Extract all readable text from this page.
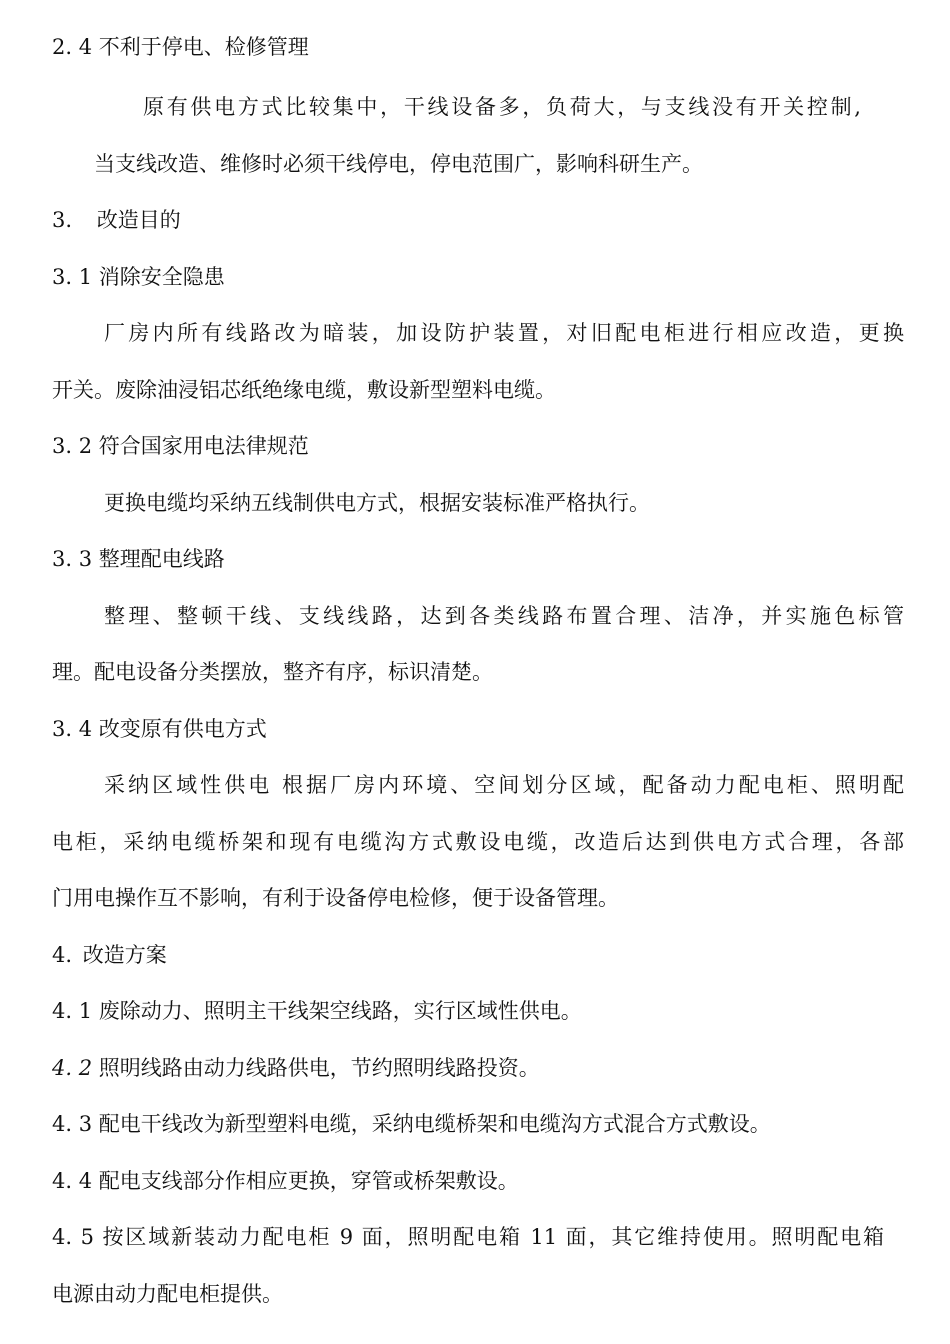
2. 4 不利于停电、检修管理
原有供电方式比较集中，干线设备多，负荷大，与支线没有开关控制,
当支线改造、维修时必须干线停电，停电范围广，影响科研生产。
3. 改造目的
3. 1 消除安全隐患
厂房内所有线路改为暗装，加设防护装置，对旧配电柜进行相应改造，更换
开关。废除油浸铝芯纸绝缘电缆，敷设新型塑料电缆。
3. 2 符合国家用电法律规范
更换电缆均采纳五线制供电方式，根据安装标准严格执行。
3. 3 整理配电线路
整理、整顿干线、支线线路，达到各类线路布置合理、洁净，并实施色标管
理。配电设备分类摆放，整齐有序，标识清楚。
3. 4 改变原有供电方式
采纳区域性供电 根据厂房内环境、空间划分区域，配备动力配电柜、照明配
电柜，采纳电缆桥架和现有电缆沟方式敷设电缆，改造后达到供电方式合理，各部
门用电操作互不影响，有利于设备停电检修，便于设备管理。
4. 改造方案
4. 1 废除动力、照明主干线架空线路，实行区域性供电。
4. 2 照明线路由动力线路供电，节约照明线路投资。
4. 3 配电干线改为新型塑料电缆，采纳电缆桥架和电缆沟方式混合方式敷设。
4. 4 配电支线部分作相应更换，穿管或桥架敷设。
4. 5 按区域新装动力配电柜 9 面，照明配电箱 11 面，其它维持使用。照明配电箱
电源由动力配电柜提供。
